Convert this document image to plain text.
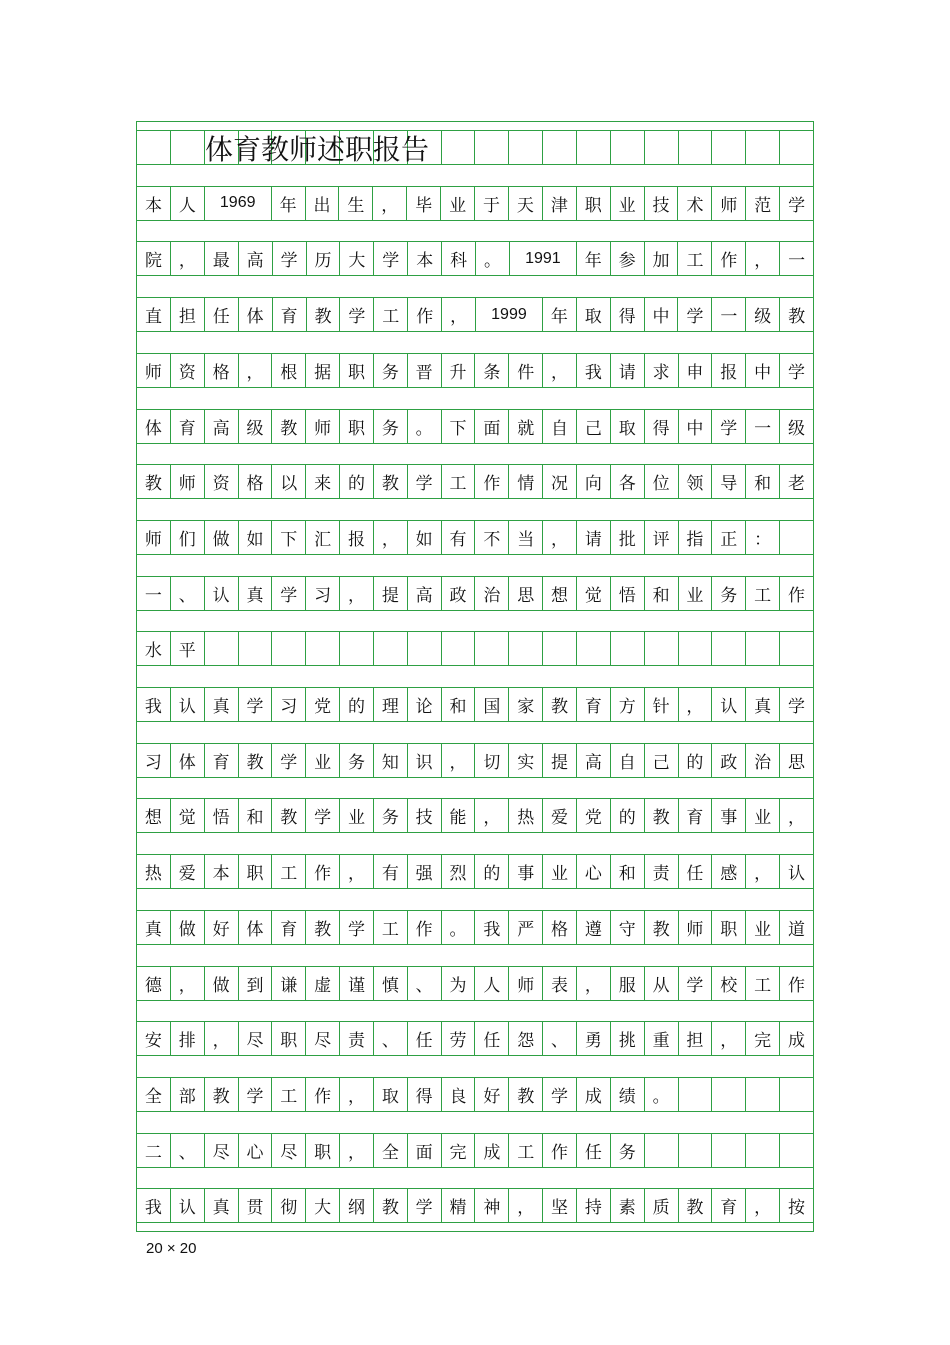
体育教师述职报告
本 人	1969	年 出 生 ， 毕 业 于 天 津 职 业 技 术 师 范 学
院 ， 最 高 学 历 大 学 本 科 。	1991	年 参 加 工 作 ， 一
直 担 任 体 育 教 学 工 作 ，	1999	年 取 得 中 学 一 级 教
师 资 格 ， 根 据 职 务 晋 升 条 件 ， 我 请 求 申 报 中 学
体 育 高 级 教 师 职 务 。 下 面 就 自 己 取 得 中 学 一 级
教 师 资 格 以 来 的 教 学 工 作 情 况 向 各 位 领 导 和 老
师 们 做 如 下 汇 报 ， 如 有 不 当 ， 请 批 评 指 正 ：
一 、 认 真 学 习 ， 提 高 政 治 思 想 觉 悟 和 业 务 工 作
水 平
我 认 真 学 习 党 的 理 论 和 国 家 教 育 方 针 ， 认 真 学
习 体 育 教 学 业 务 知 识 ， 切 实 提 高 自 己 的 政 治 思
想 觉 悟 和 教 学 业 务 技 能 ， 热 爱 党 的 教 育 事 业 ，
热 爱 本 职 工 作 ， 有 强 烈 的 事 业 心 和 责 任 感 ， 认
真 做 好 体 育 教 学 工 作 。 我 严 格 遵 守 教 师 职 业 道
德 ， 做 到 谦 虚 谨 慎 、 为 人 师 表 ， 服 从 学 校 工 作
安 排 ， 尽 职 尽 责 、 任 劳 任 怨 、 勇 挑 重 担 ， 完 成
全 部 教 学 工 作 ， 取 得 良 好 教 学 成 绩 。
二 、 尽 心 尽 职 ， 全 面 完 成 工 作 任 务
我 认 真 贯 彻 大 纲 教 学 精 神 ， 坚 持 素 质 教 育 ， 按
20 × 20
